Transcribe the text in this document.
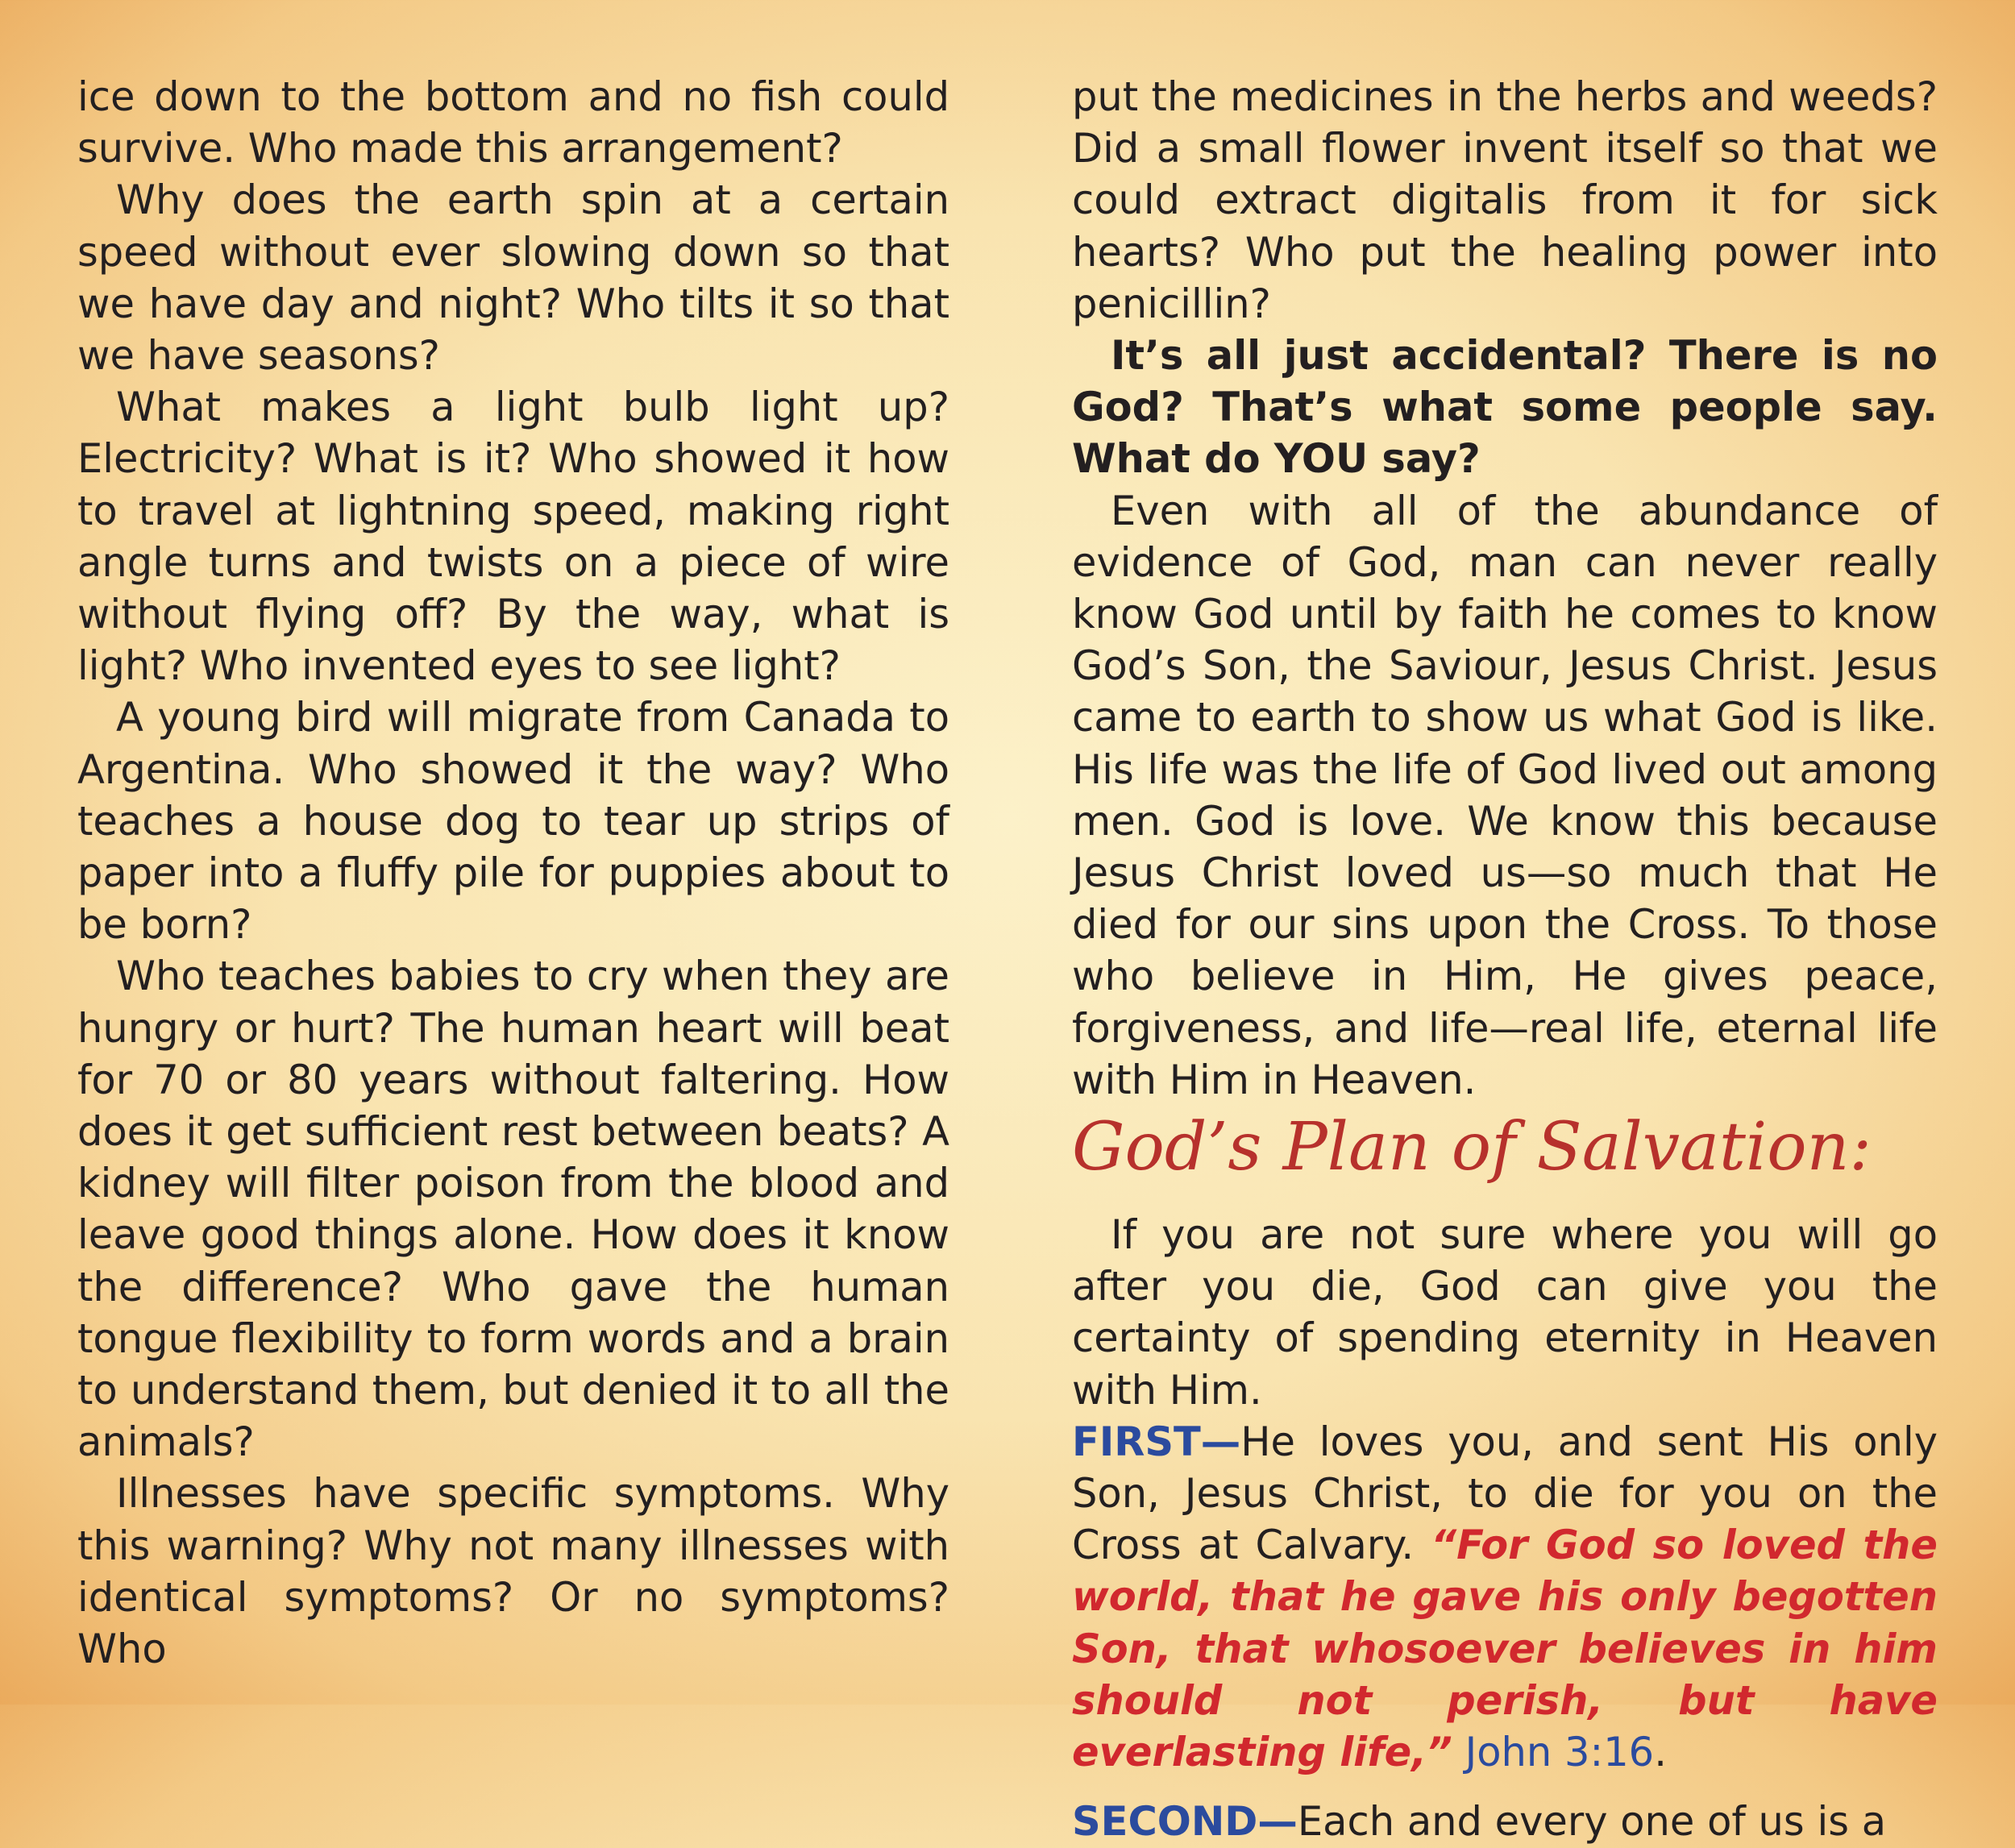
ice down to the bottom and no fish could survive. Who made this arrangement?

Why does the earth spin at a certain speed without ever slowing down so that we have day and night? Who tilts it so that we have seasons?

What makes a light bulb light up? Electricity? What is it? Who showed it how to travel at lightning speed, making right angle turns and twists on a piece of wire without flying off? By the way, what is light? Who invented eyes to see light?

A young bird will migrate from Canada to Argentina. Who showed it the way? Who teaches a house dog to tear up strips of paper into a fluffy pile for puppies about to be born?

Who teaches babies to cry when they are hungry or hurt? The human heart will beat for 70 or 80 years without faltering. How does it get sufficient rest between beats? A kidney will filter poison from the blood and leave good things alone. How does it know the difference? Who gave the human tongue flexibility to form words and a brain to understand them, but denied it to all the animals?

Illnesses have specific symptoms. Why this warning? Why not many illnesses with identical symptoms? Or no symptoms? Who

put the medicines in the herbs and weeds? Did a small flower invent itself so that we could extract digitalis from it for sick hearts? Who put the healing power into penicillin?

It’s all just accidental? There is no God? That’s what some people say. What do YOU say?

Even with all of the abundance of evidence of God, man can never really know God until by faith he comes to know God’s Son, the Saviour, Jesus Christ. Jesus came to earth to show us what God is like. His life was the life of God lived out among men. God is love. We know this because Jesus Christ loved us—so much that He died for our sins upon the Cross. To those who believe in Him, He gives peace, forgiveness, and life—real life, eternal life with Him in Heaven.

God’s Plan of Salvation:

If you are not sure where you will go after you die, God can give you the certainty of spending eternity in Heaven with Him.

FIRST—He loves you, and sent His only Son, Jesus Christ, to die for you on the Cross at Calvary. “For God so loved the world, that he gave his only begotten Son, that whosoever believes in him should not perish, but have everlasting life,” John 3:16.

SECOND—Each and every one of us is a
